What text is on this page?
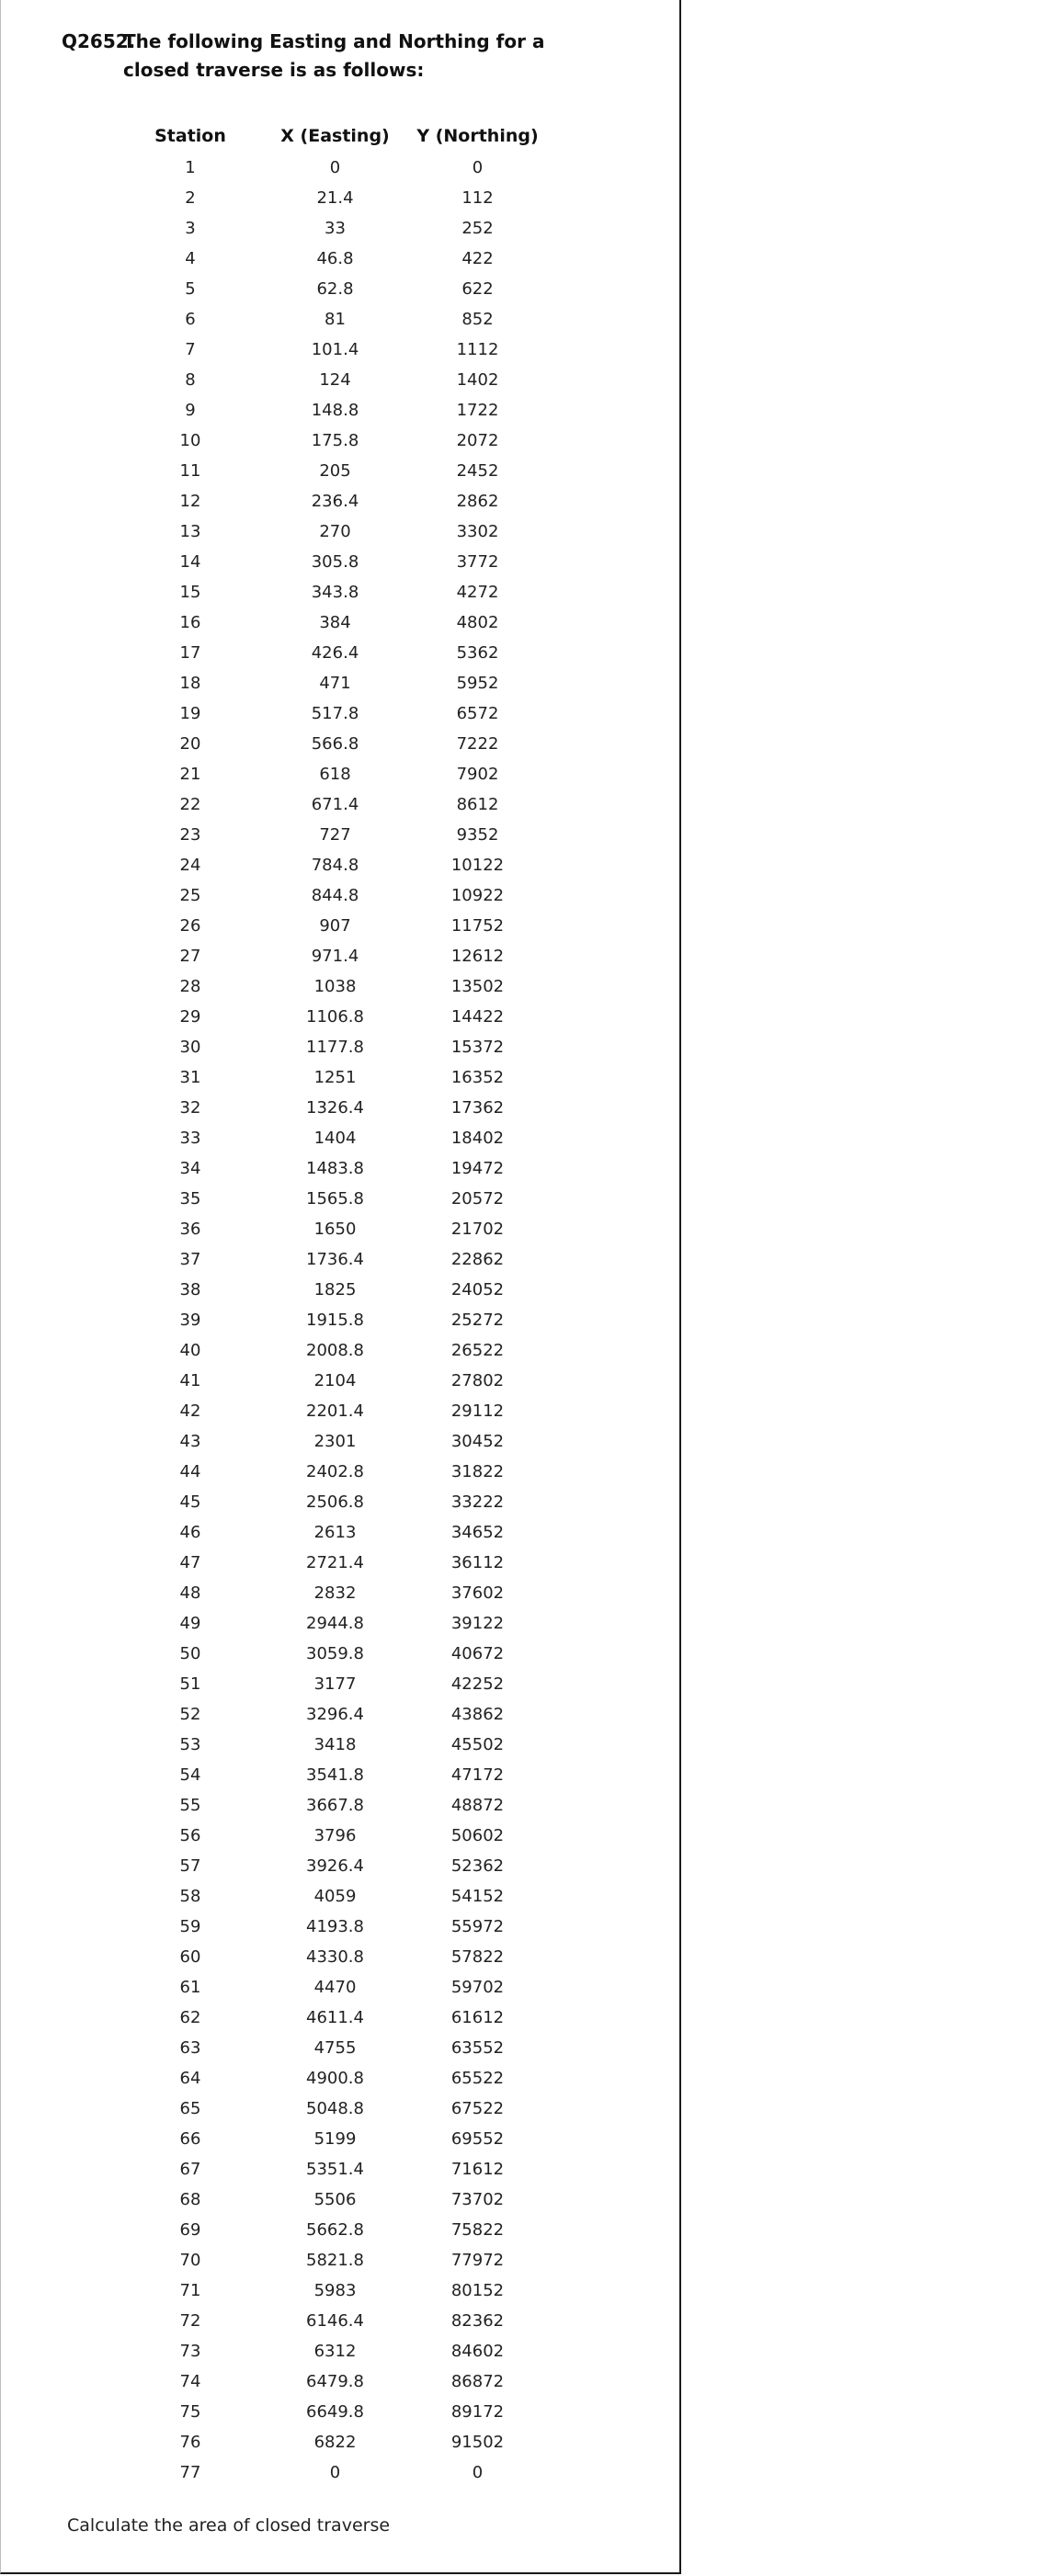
Q2652.
The following Easting and Northing for a closed traverse is as follows:
Station	X (Easting)	Y (Northing)
1	0	0
2	21.4	112
3	33	252
4	46.8	422
5	62.8	622
6	81	852
7	101.4	1112
8	124	1402
9	148.8	1722
10	175.8	2072
11	205	2452
12	236.4	2862
13	270	3302
14	305.8	3772
15	343.8	4272
16	384	4802
17	426.4	5362
18	471	5952
19	517.8	6572
20	566.8	7222
21	618	7902
22	671.4	8612
23	727	9352
24	784.8	10122
25	844.8	10922
26	907	11752
27	971.4	12612
28	1038	13502
29	1106.8	14422
30	1177.8	15372
31	1251	16352
32	1326.4	17362
33	1404	18402
34	1483.8	19472
35	1565.8	20572
36	1650	21702
37	1736.4	22862
38	1825	24052
39	1915.8	25272
40	2008.8	26522
41	2104	27802
42	2201.4	29112
43	2301	30452
44	2402.8	31822
45	2506.8	33222
46	2613	34652
47	2721.4	36112
48	2832	37602
49	2944.8	39122
50	3059.8	40672
51	3177	42252
52	3296.4	43862
53	3418	45502
54	3541.8	47172
55	3667.8	48872
56	3796	50602
57	3926.4	52362
58	4059	54152
59	4193.8	55972
60	4330.8	57822
61	4470	59702
62	4611.4	61612
63	4755	63552
64	4900.8	65522
65	5048.8	67522
66	5199	69552
67	5351.4	71612
68	5506	73702
69	5662.8	75822
70	5821.8	77972
71	5983	80152
72	6146.4	82362
73	6312	84602
74	6479.8	86872
75	6649.8	89172
76	6822	91502
77	0	0
Calculate the area of closed traverse
